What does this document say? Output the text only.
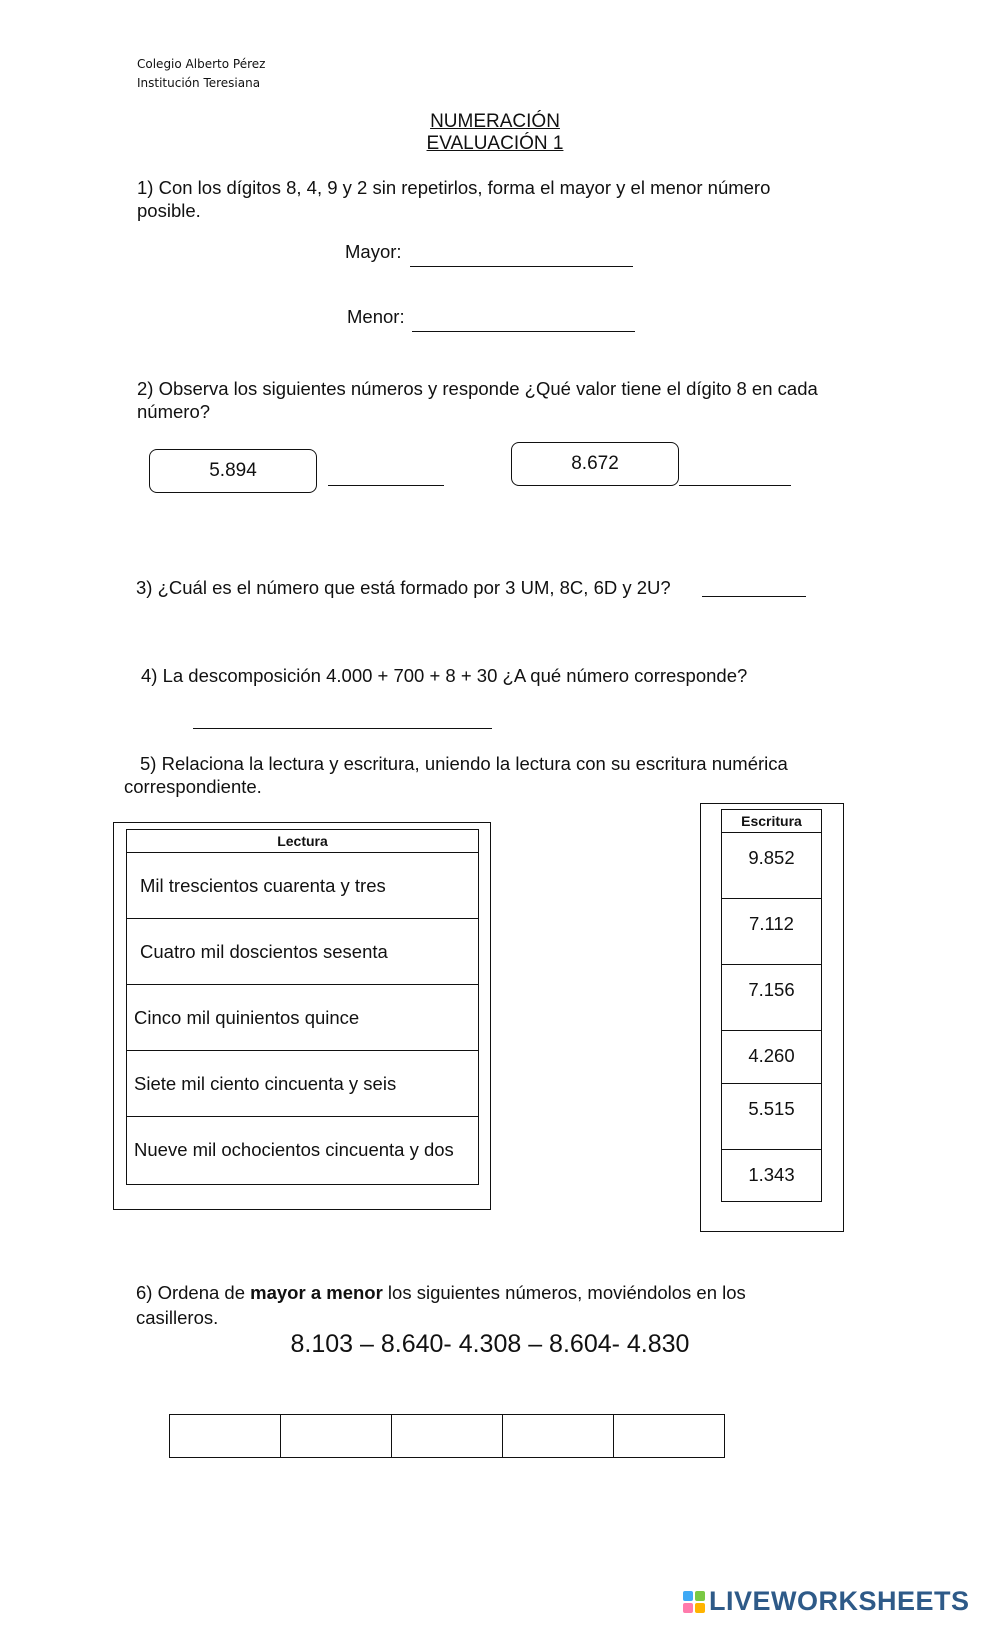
Colegio Alberto Pérez
Institución Teresiana
NUMERACIÓN
EVALUACIÓN 1
1) Con los dígitos 8, 4, 9 y 2 sin repetirlos, forma el mayor y el menor número posible.
Mayor:
Menor:
2) Observa los siguientes números y responde ¿Qué valor tiene el dígito 8 en cada número?
5.894	8.672
3) ¿Cuál es el número que está formado por 3 UM, 8C, 6D y 2U?
4) La descomposición 4.000 + 700 + 8 + 30 ¿A qué número corresponde?
5) Relaciona la lectura y escritura, uniendo la lectura con su escritura numérica correspondiente.
Lectura
Mil trescientos cuarenta y tres
Cuatro mil doscientos sesenta
Cinco mil quinientos quince
Siete mil ciento cincuenta y seis
Nueve mil ochocientos cincuenta y dos
Escritura
9.852
7.112
7.156
4.260
5.515
1.343
6) Ordena de mayor a menor los siguientes números, moviéndolos en los casilleros.
8.103 – 8.640- 4.308 – 8.604- 4.830
LIVEWORKSHEETS
